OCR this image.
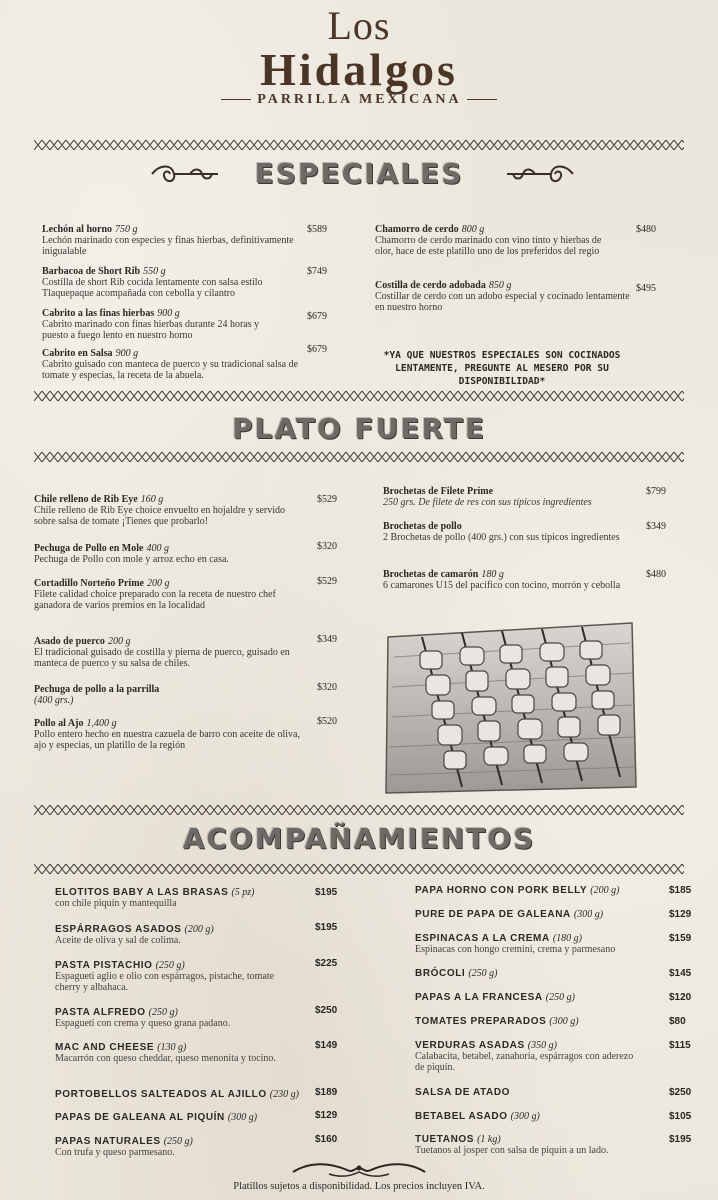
Los
Hidalgos
PARRILLA MEXICANA
ESPECIALES
Lechón al horno 750 g
Lechón marinado con especies y finas hierbas, definitivamente inigualable
$589
Barbacoa de Short Rib 550 g
Costilla de short Rib cocida lentamente con salsa estilo Tlaquepaque acompañada con cebolla y cilantro
$749
Cabrito a las finas hierbas 900 g
Cabrito marinado con finas hierbas durante 24 horas y puesto a fuego lento en nuestro horno
$679
Cabrito en Salsa 900 g
Cabrito guisado con manteca de puerco y su tradicional salsa de tomate y especias, la receta de la abuela.
$679
Chamorro de cerdo 800 g
Chamorro de cerdo marinado con vino tinto y hierbas de olor, hace de este platillo uno de los preferidos del regio
$480
Costilla de cerdo adobada 850 g
Costillar de cerdo con un adobo especial y cocinado lentamente en nuestro horno
$495
*YA QUE NUESTROS ESPECIALES SON COCINADOS LENTAMENTE, PREGUNTE AL MESERO POR SU DISPONIBILIDAD*
PLATO FUERTE
Chile relleno de Rib Eye 160 g
Chile relleno de Rib Eye choice envuelto en hojaldre y servido sobre salsa de tomate ¡Tienes que probarlo!
$529
Pechuga de Pollo en Mole 400 g
Pechuga de Pollo con mole y arroz echo en casa.
$320
Cortadillo Norteño Prime 200 g
Filete calidad choice preparado con la receta de nuestro chef ganadora de varios premios en la localidad
$529
Asado de puerco 200 g
El tradicional guisado de costilla y pierna de puerco, guisado en manteca de puerco y su salsa de chiles.
$349
Pechuga de pollo a la parrilla
(400 grs.)
$320
Pollo al Ajo 1,400 g
Pollo entero hecho en nuestra cazuela de barro con aceite de oliva, ajo y especias, un platillo de la región
$520
Brochetas de Filete Prime
250 grs. De filete de res con sus típicos ingredientes
$799
Brochetas de pollo
2 Brochetas de pollo (400 grs.) con sus típicos ingredientes
$349
Brochetas de camarón 180 g
6 camarones U15 del pacífico con tocino, morrón y cebolla
$480
ACOMPAÑAMIENTOS
ELOTITOS BABY A LAS BRASAS (5 pz)
con chile piquín y mantequilla
$195
ESPÁRRAGOS ASADOS (200 g)
Aceite de oliva y sal de colima.
$195
PASTA PISTACHIO (250 g)
Espagueti aglio e olio con espárragos, pistache, tomate cherry y albahaca.
$225
PASTA ALFREDO (250 g)
Espagueti con crema y queso grana padano.
$250
MAC AND CHEESE (130 g)
Macarrón con queso cheddar, queso menonita y tocino.
$149
PORTOBELLOS SALTEADOS AL AJILLO (230 g)	$189
PAPAS DE GALEANA AL PIQUÍN (300 g)	$129
PAPAS NATURALES (250 g)
Con trufa y queso parmesano.
$160
PAPA HORNO CON PORK BELLY (200 g)	$185
PURE DE PAPA DE GALEANA (300 g)	$129
ESPINACAS A LA CREMA (180 g)
Espinacas con hongo cremini, crema y parmesano
$159
BRÓCOLI (250 g)	$145
PAPAS A LA FRANCESA (250 g)	$120
TOMATES PREPARADOS (300 g)	$80
VERDURAS ASADAS (350 g)
Calabacita, betabel, zanahoria, espárragos con aderezo de piquín.
$115
SALSA DE ATADO	$250
BETABEL ASADO (300 g)	$105
TUETANOS (1 kg)
Tuetanos al josper con salsa de piquín a un lado.
$195
Platillos sujetos a disponibilidad. Los precios incluyen IVA.
